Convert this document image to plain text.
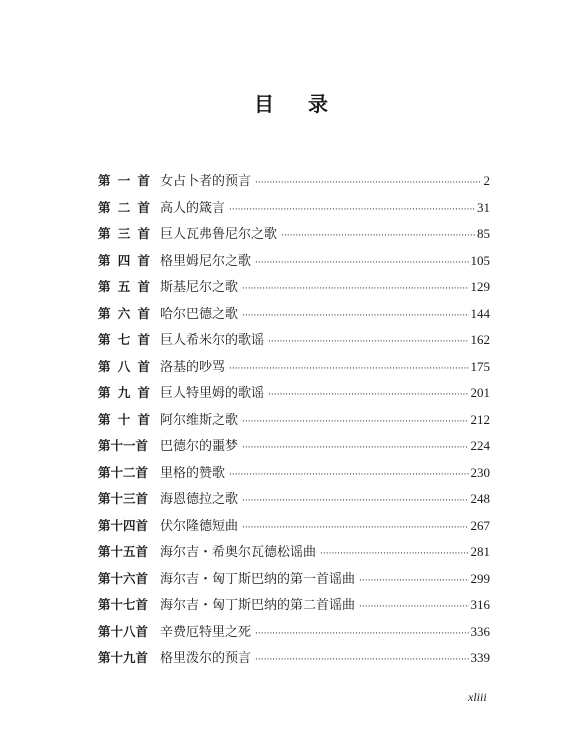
目 录
第 一 首 女占卜者的预言 ·····	2
第 二 首 高人的箴言 ·····	31
第 三 首 巨人瓦弗鲁尼尔之歌 ·····	85
第 四 首 格里姆尼尔之歌 ·····	105
第 五 首 斯基尼尔之歌 ·····	129
第 六 首 哈尔巴德之歌 ·····	144
第 七 首 巨人希米尔的歌谣 ·····	162
第 八 首 洛基的吵骂 ·····	175
第 九 首 巨人特里姆的歌谣 ·····	201
第 十 首 阿尔维斯之歌 ·····	212
第十一首 巴德尔的噩梦 ·····	224
第十二首 里格的赞歌 ·····	230
第十三首 海恩德拉之歌 ·····	248
第十四首 伏尔隆德短曲 ·····	267
第十五首 海尔吉・希奥尔瓦德松谣曲 ·····	281
第十六首 海尔吉・匈丁斯巴纳的第一首谣曲 ·····	299
第十七首 海尔吉・匈丁斯巴纳的第二首谣曲 ·····	316
第十八首 辛费厄特里之死 ·····	336
第十九首 格里泼尔的预言 ·····	339
xliii
